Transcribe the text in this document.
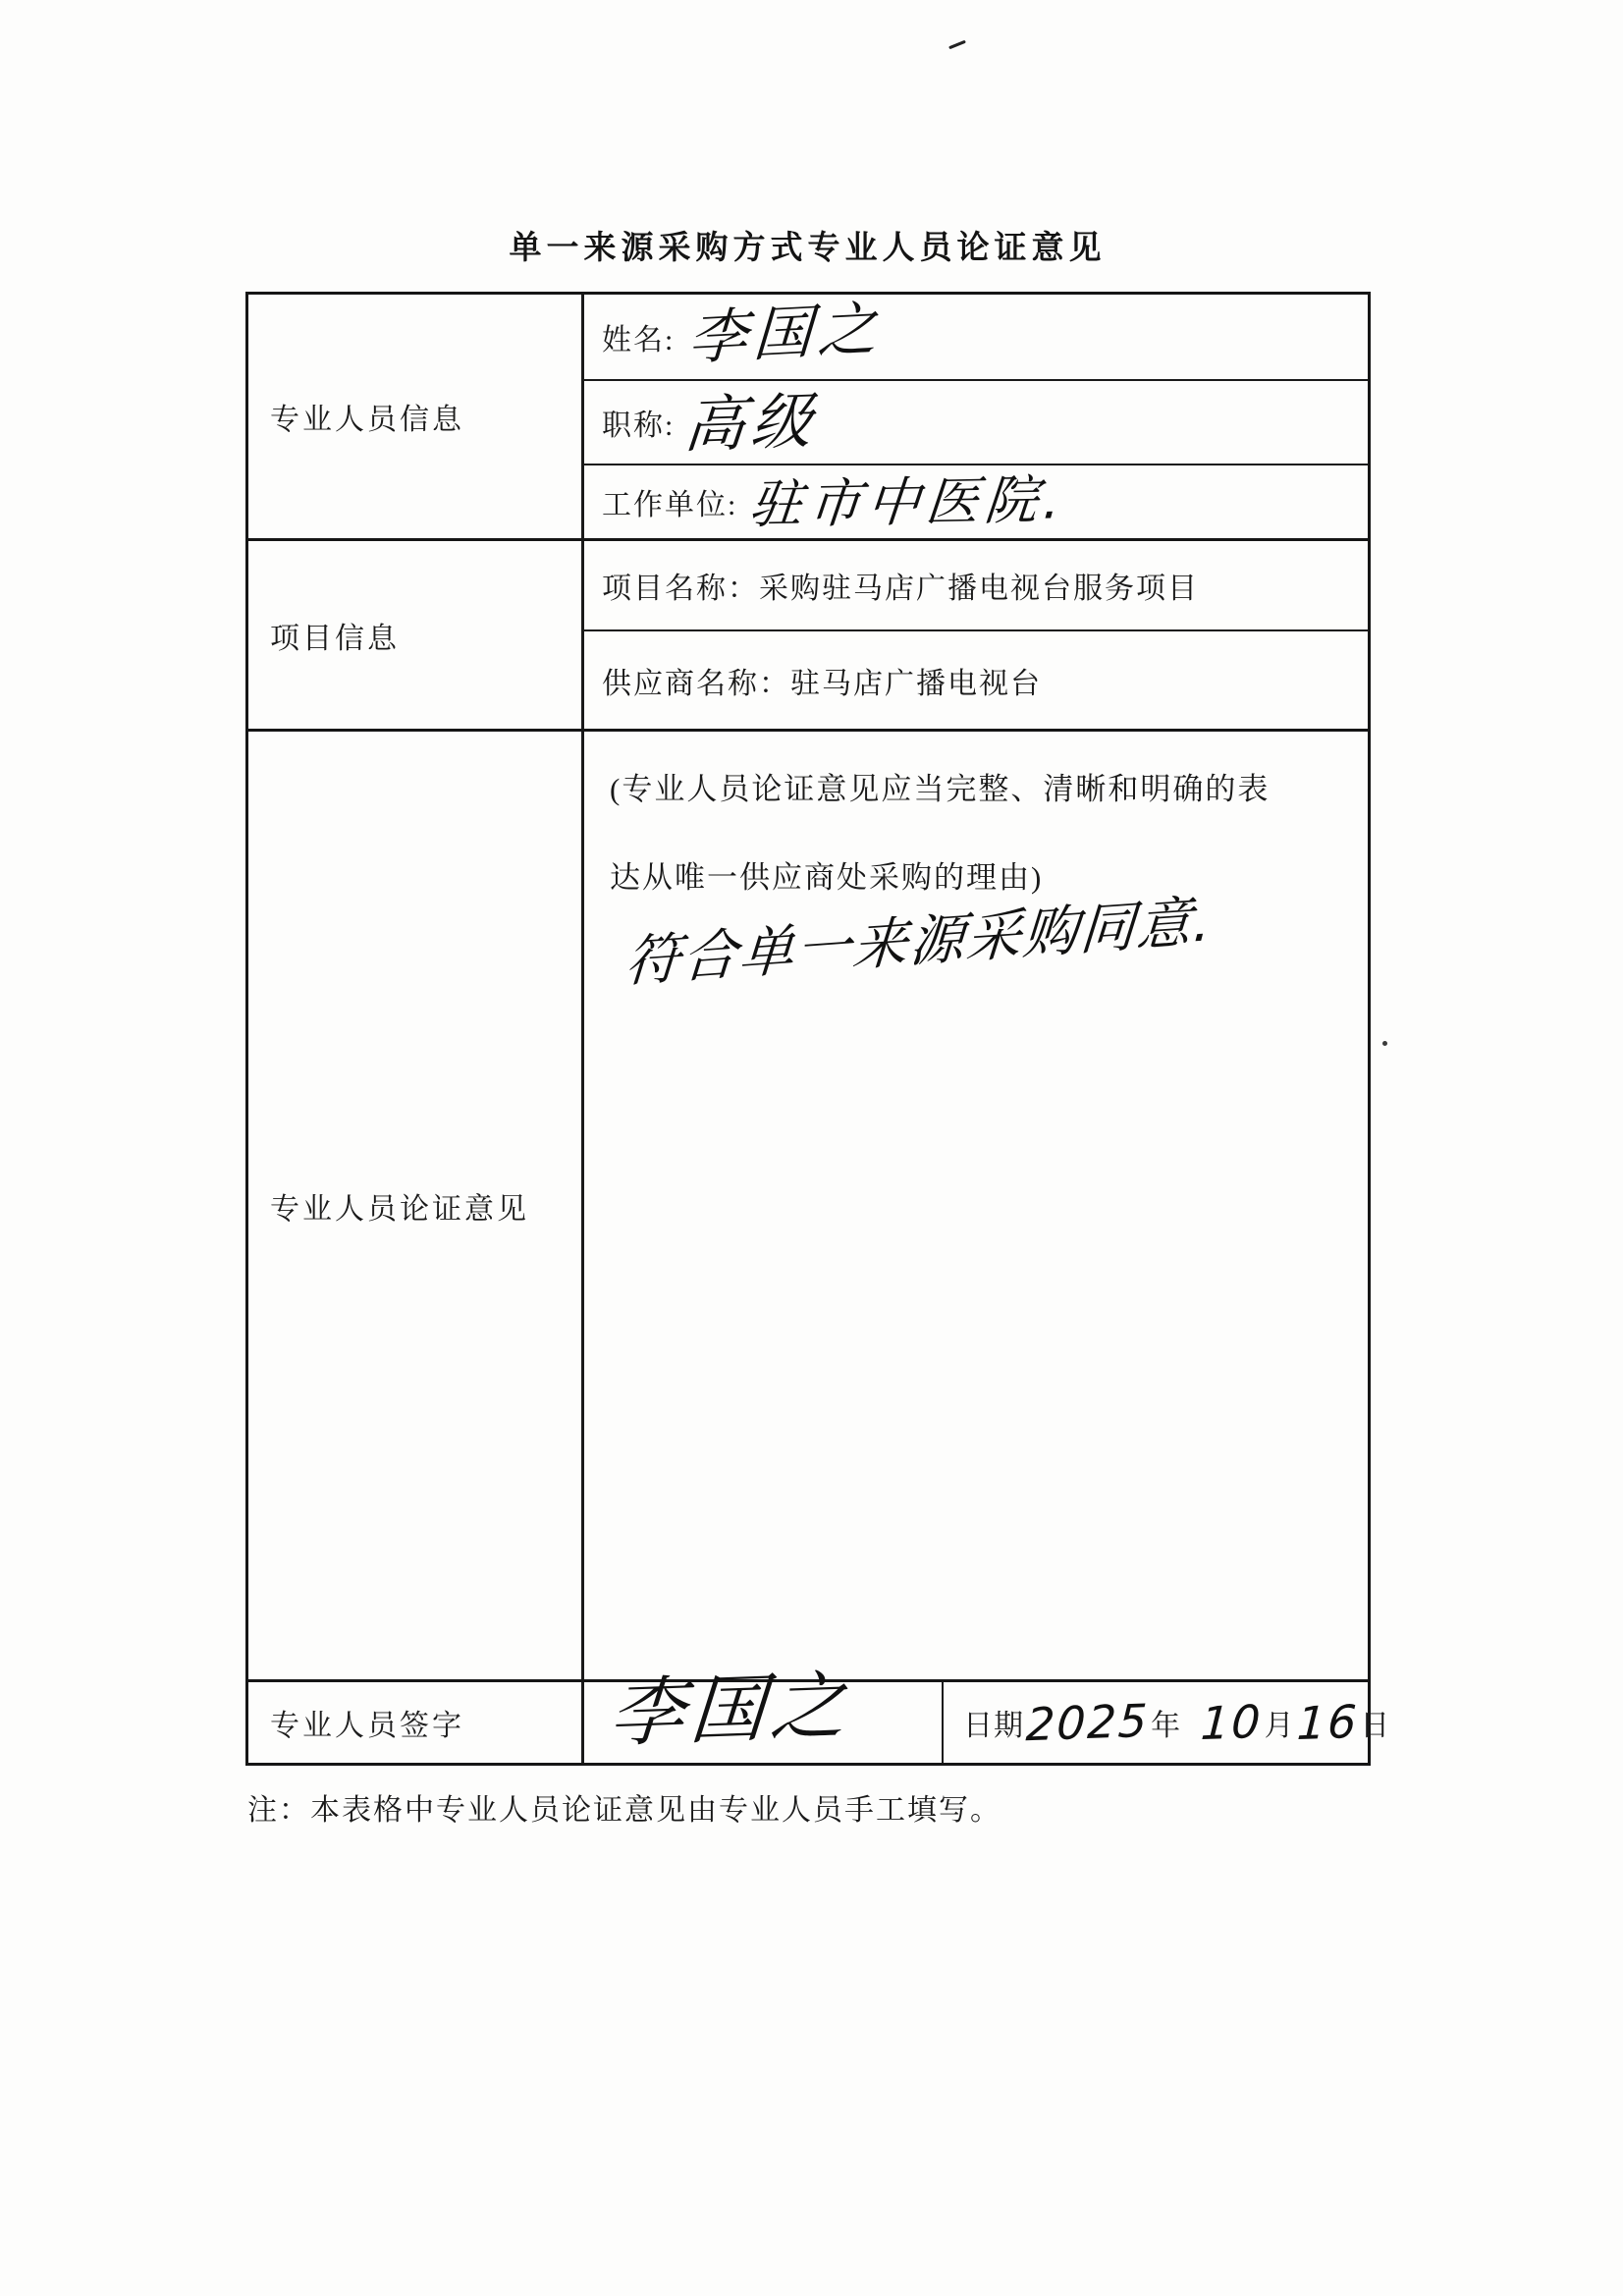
单一来源采购方式专业人员论证意见
专业人员信息
姓名: 李国之
职称: 高级
工作单位: 驻市中医院.
项目信息
项目名称： 采购驻马店广播电视台服务项目
供应商名称： 驻马店广播电视台
专业人员论证意见
(专业人员论证意见应当完整、清晰和明确的表
达从唯一供应商处采购的理由)
符合单一来源采购同意.
专业人员签字	李国之	日期 2025 年 10 月 16 日
注：本表格中专业人员论证意见由专业人员手工填写。
